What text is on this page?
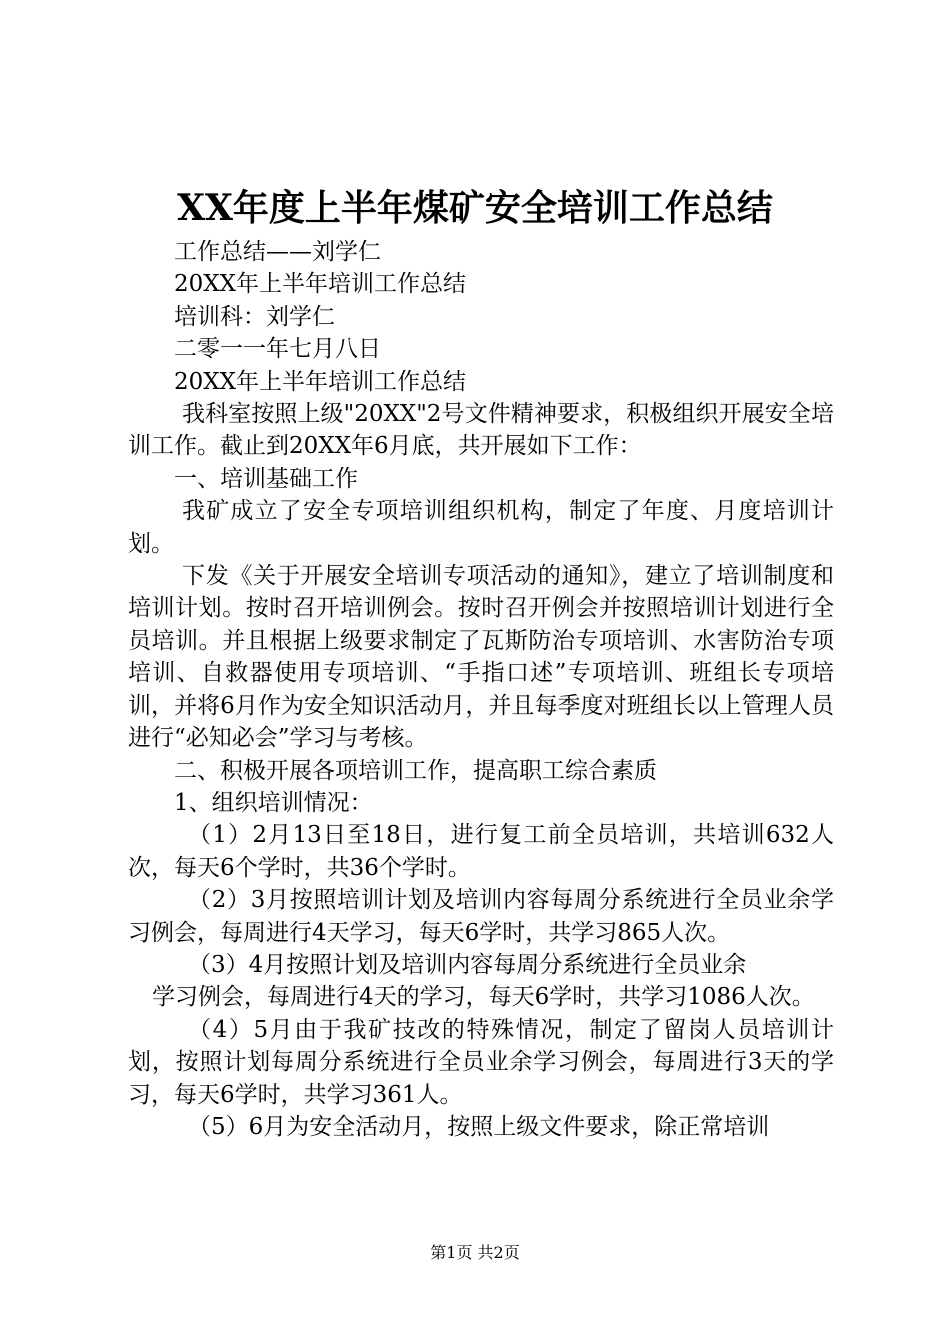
XX年度上半年煤矿安全培训工作总结

工作总结——刘学仁

20XX年上半年培训工作总结

培训科：刘学仁

二零一一年七月八日

20XX年上半年培训工作总结

我科室按照上级"20XX"2号文件精神要求，积极组织开展安全培训工作。截止到20XX年6月底，共开展如下工作：

一、培训基础工作

我矿成立了安全专项培训组织机构，制定了年度、月度培训计划。

下发《关于开展安全培训专项活动的通知》，建立了培训制度和培训计划。按时召开培训例会。按时召开例会并按照培训计划进行全员培训。并且根据上级要求制定了瓦斯防治专项培训、水害防治专项培训、自救器使用专项培训、“手指口述”专项培训、班组长专项培训，并将6月作为安全知识活动月，并且每季度对班组长以上管理人员进行“必知必会”学习与考核。

二、积极开展各项培训工作，提高职工综合素质

1、组织培训情况：

（1）2月13日至18日，进行复工前全员培训，共培训632人次，每天6个学时，共36个学时。

（2）3月按照培训计划及培训内容每周分系统进行全员业余学习例会，每周进行4天学习，每天6学时，共学习865人次。

（3）4月按照计划及培训内容每周分系统进行全员业余

学习例会，每周进行4天的学习，每天6学时，共学习1086人次。

（4）5月由于我矿技改的特殊情况，制定了留岗人员培训计划，按照计划每周分系统进行全员业余学习例会，每周进行3天的学习，每天6学时，共学习361人。

（5）6月为安全活动月，按照上级文件要求，除正常培训

第1页 共2页
